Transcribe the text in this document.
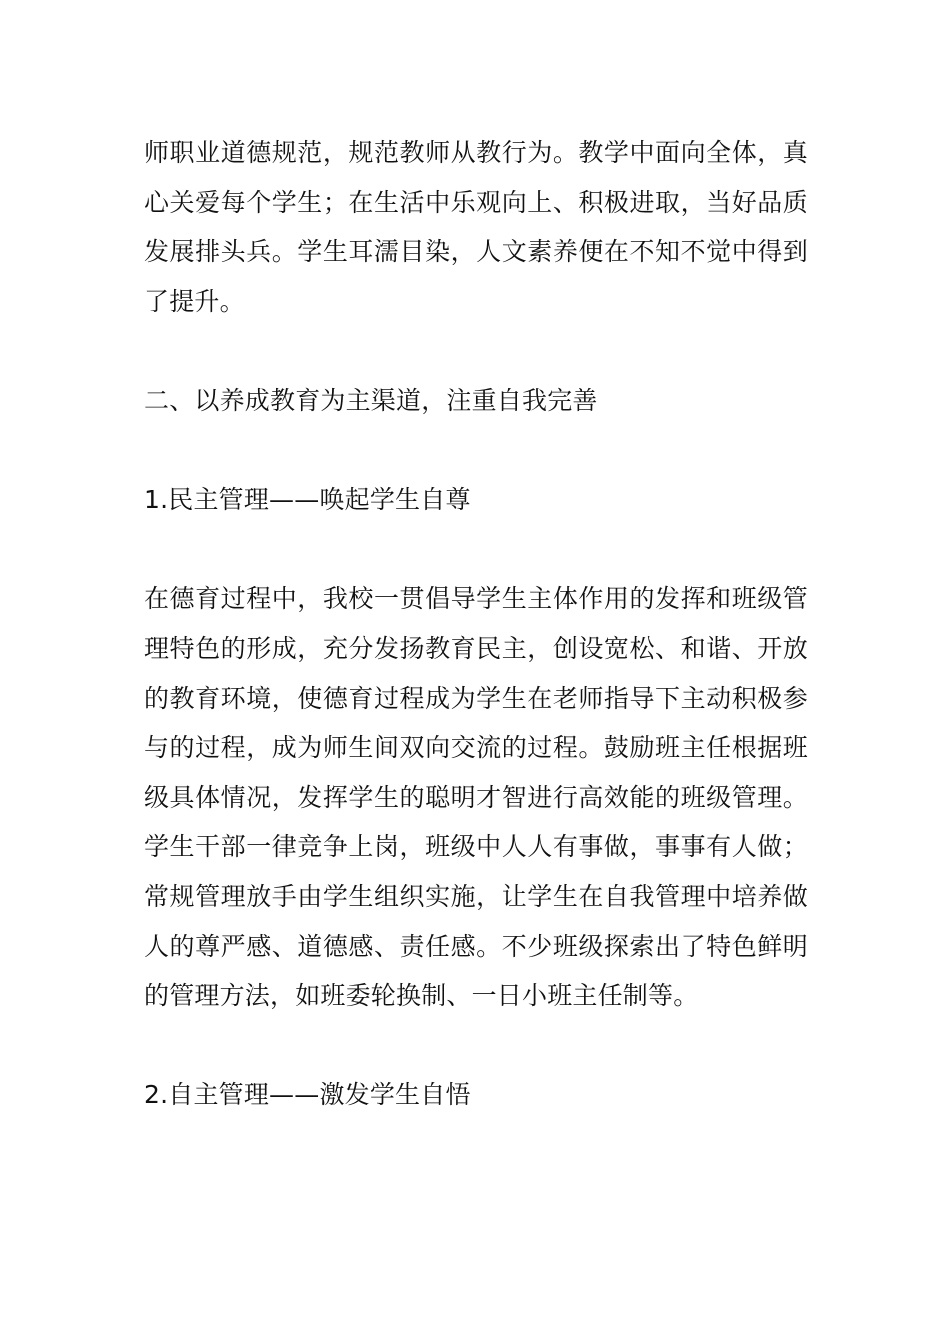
师职业道德规范，规范教师从教行为。教学中面向全体，真心关爱每个学生；在生活中乐观向上、积极进取，当好品质发展排头兵。学生耳濡目染，人文素养便在不知不觉中得到了提升。

二、以养成教育为主渠道，注重自我完善

1.民主管理——唤起学生自尊

在德育过程中，我校一贯倡导学生主体作用的发挥和班级管理特色的形成，充分发扬教育民主，创设宽松、和谐、开放的教育环境，使德育过程成为学生在老师指导下主动积极参与的过程，成为师生间双向交流的过程。鼓励班主任根据班级具体情况，发挥学生的聪明才智进行高效能的班级管理。学生干部一律竞争上岗，班级中人人有事做，事事有人做；常规管理放手由学生组织实施，让学生在自我管理中培养做人的尊严感、道德感、责任感。不少班级探索出了特色鲜明的管理方法，如班委轮换制、一日小班主任制等。

2.自主管理——激发学生自悟
